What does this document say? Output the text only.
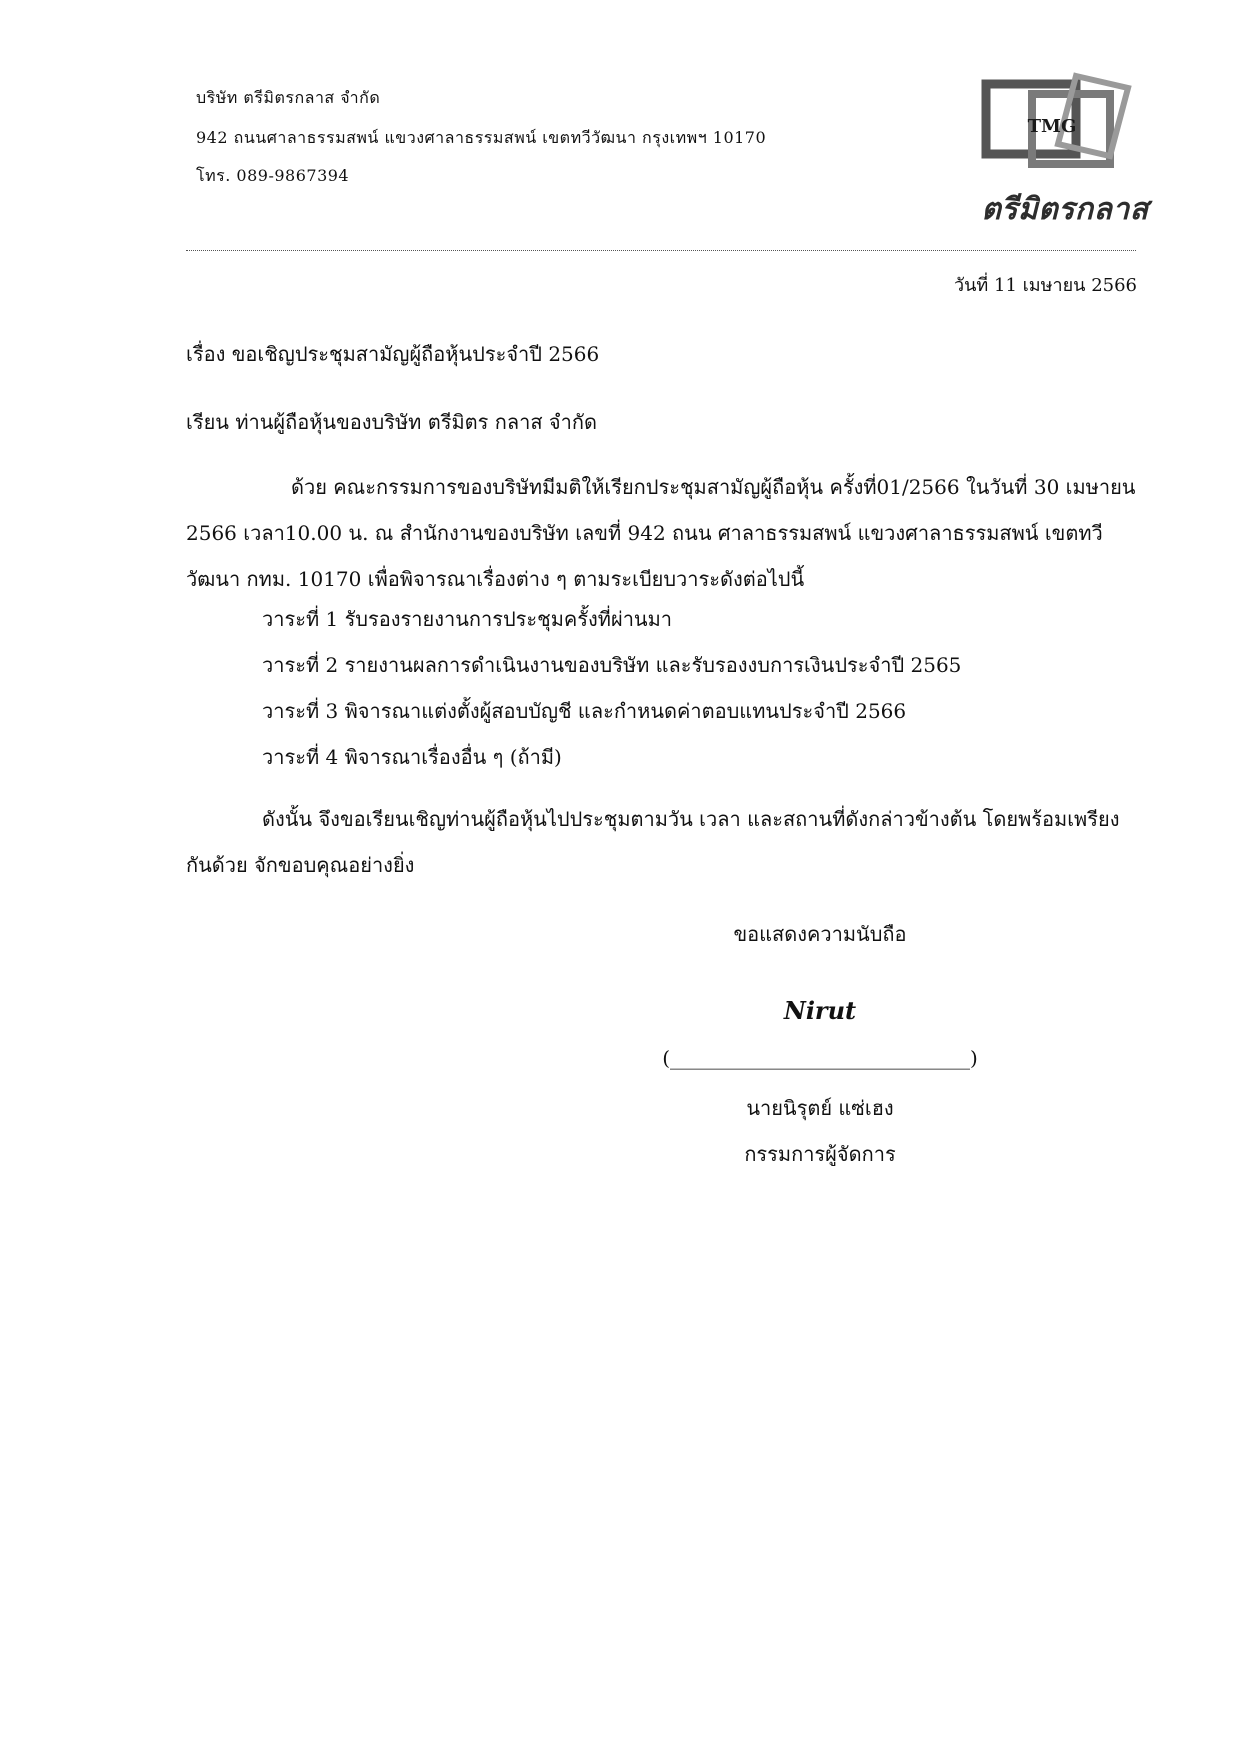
บริษัท ตรีมิตรกลาส จำกัด
942 ถนนศาลาธรรมสพน์ แขวงศาลาธรรมสพน์ เขตทวีวัฒนา กรุงเทพฯ 10170
โทร. 089-9867394
TMG
ตรีมิตรกลาส
วันที่ 11 เมษายน 2566
เรื่อง ขอเชิญประชุมสามัญผู้ถือหุ้นประจำปี 2566
เรียน ท่านผู้ถือหุ้นของบริษัท ตรีมิตร กลาส จำกัด
ด้วย คณะกรรมการของบริษัทมีมติให้เรียกประชุมสามัญผู้ถือหุ้น ครั้งที่01/2566 ในวันที่ 30 เมษายน 2566 เวลา10.00 น. ณ สำนักงานของบริษัท เลขที่ 942 ถนน ศาลาธรรมสพน์ แขวงศาลาธรรมสพน์ เขตทวีวัฒนา กทม. 10170 เพื่อพิจารณาเรื่องต่าง ๆ ตามระเบียบวาระดังต่อไปนี้
วาระที่ 1 รับรองรายงานการประชุมครั้งที่ผ่านมา
วาระที่ 2 รายงานผลการดำเนินงานของบริษัท และรับรองงบการเงินประจำปี 2565
วาระที่ 3 พิจารณาแต่งตั้งผู้สอบบัญชี และกำหนดค่าตอบแทนประจำปี 2566
วาระที่ 4 พิจารณาเรื่องอื่น ๆ (ถ้ามี)
ดังนั้น จึงขอเรียนเชิญท่านผู้ถือหุ้นไปประชุมตามวัน เวลา และสถานที่ดังกล่าวข้างต้น โดยพร้อมเพรียงกันด้วย จักขอบคุณอย่างยิ่ง
ขอแสดงความนับถือ
Nirut
(______________________________)
นายนิรุตย์ แซ่เฮง
กรรมการผู้จัดการ
